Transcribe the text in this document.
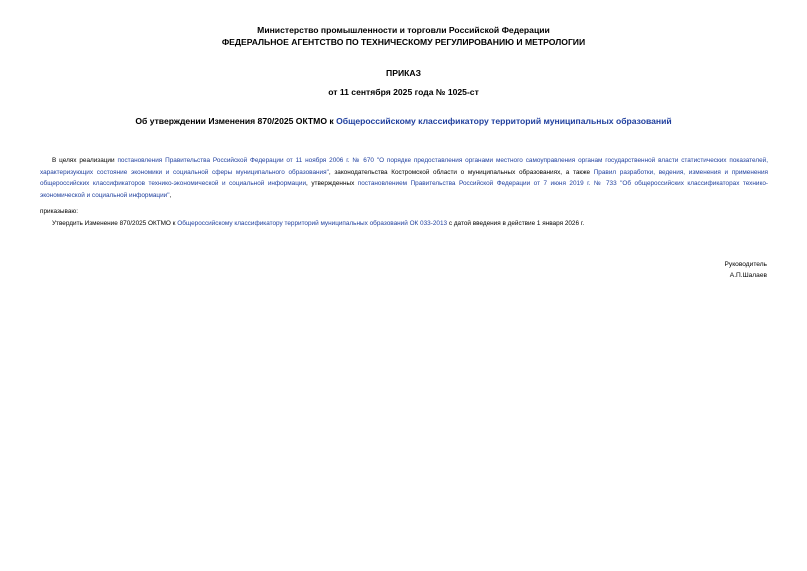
Министерство промышленности и торговли Российской Федерации
ФЕДЕРАЛЬНОЕ АГЕНТСТВО ПО ТЕХНИЧЕСКОМУ РЕГУЛИРОВАНИЮ И МЕТРОЛОГИИ
ПРИКАЗ
от 11 сентября 2025 года № 1025-ст
Об утверждении Изменения 870/2025 ОКТМО к Общероссийскому классификатору территорий муниципальных образований
В целях реализации постановления Правительства Российской Федерации от 11 ноября 2006 г. № 670 "О порядке предоставления органами местного самоуправления органам государственной власти статистических показателей, характеризующих состояние экономики и социальной сферы муниципального образования", законодательства Костромской области о муниципальных образованиях, а также Правил разработки, ведения, изменения и применения общероссийских классификаторов технико-экономической и социальной информации, утвержденных постановлением Правительства Российской Федерации от 7 июня 2019 г. № 733 "Об общероссийских классификаторах технико-экономической и социальной информации",
приказываю:
Утвердить Изменение 870/2025 ОКТМО к Общероссийскому классификатору территорий муниципальных образований ОК 033-2013 с датой введения в действие 1 января 2026 г.
Руководитель
А.П.Шалаев
